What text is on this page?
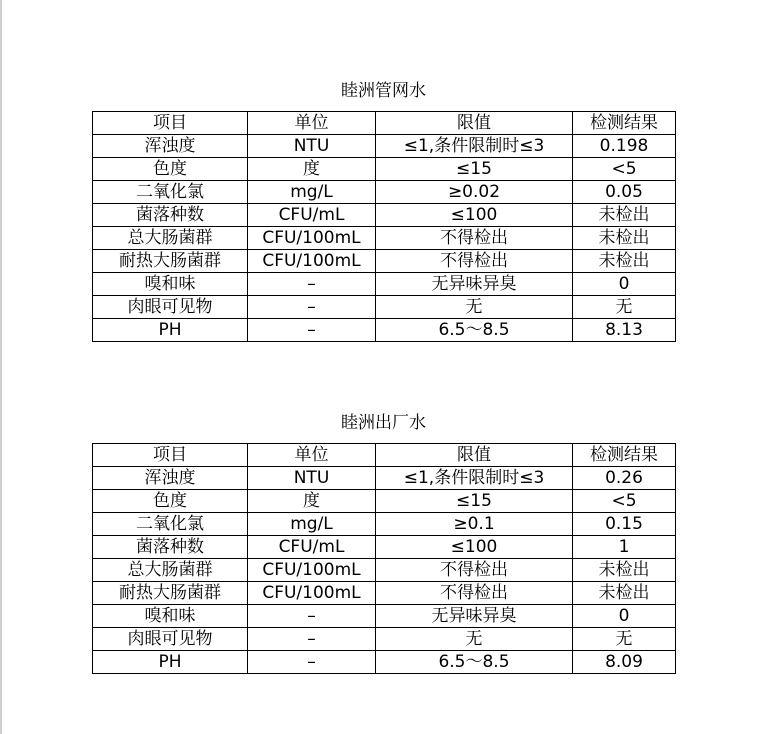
睦洲管网水
项目	单位	限值	检测结果
浑浊度	NTU	≤1,条件限制时≤3	0.198
色度	度	≤15	<5
二氧化氯	mg/L	≥0.02	0.05
菌落种数	CFU/mL	≤100	未检出
总大肠菌群	CFU/100mL	不得检出	未检出
耐热大肠菌群	CFU/100mL	不得检出	未检出
嗅和味	–	无异味异臭	0
肉眼可见物	–	无	无
PH	–	6.5～8.5	8.13
睦洲出厂水
项目	单位	限值	检测结果
浑浊度	NTU	≤1,条件限制时≤3	0.26
色度	度	≤15	<5
二氧化氯	mg/L	≥0.1	0.15
菌落种数	CFU/mL	≤100	1
总大肠菌群	CFU/100mL	不得检出	未检出
耐热大肠菌群	CFU/100mL	不得检出	未检出
嗅和味	–	无异味异臭	0
肉眼可见物	–	无	无
PH	–	6.5～8.5	8.09
